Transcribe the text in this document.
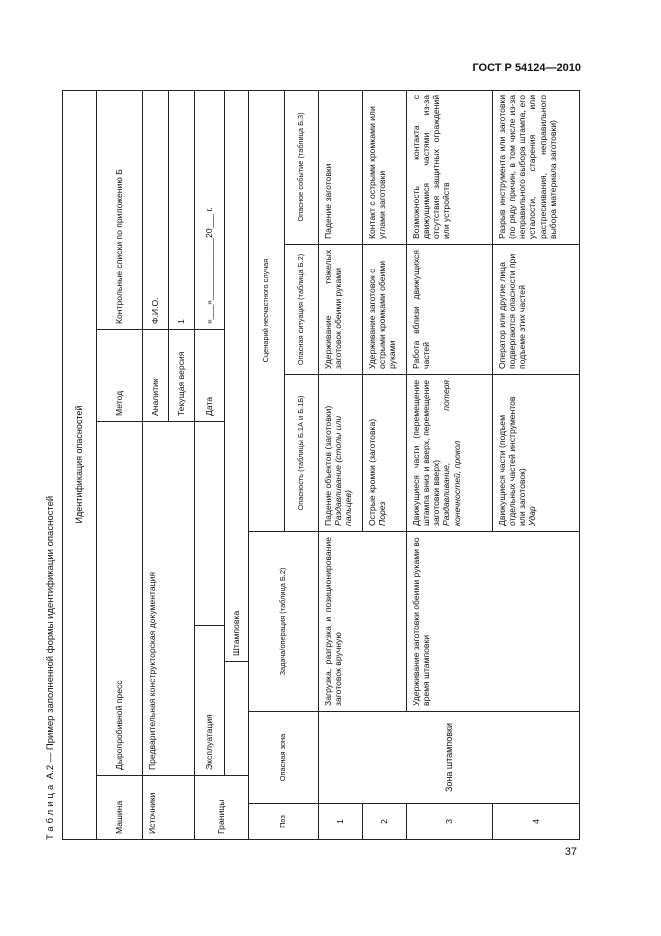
ГОСТ Р 54124—2010
Таблица А.2 — Пример заполненной формы идентификации опасностей
Идентификация опасностей
Машина
Дыропробивной пресс
Метод
Контрольные списки по приложению Б
Источники
Предварительная конструкторская документация
Аналитик
Ф.И.О.
Текущая версия
1
Границы
Эксплуатация
Дата
«___»_____________20___ г.
Штамповка
Поз
Опасная зона
Задача/операция (таблица Б.2)
Сценарий несчастного случая
Опасность (таблицы Б.1А и Б.1Б)
Опасная ситуация (таблица Б.2)
Опасное событие (таблица Б.3)
1
Зона штамповки
Загрузка, разгрузка и позиционирование заготовок вручную
Падение объектов (заготовки) Раздавливание (стопы или пальцев)
Удерживание тяжелых заготовок обеими руками
Падение заготовки
2
Острые кромки (заготовка) Порез
Удерживание заготовок с острыми кромками обеими руками
Контакт с острыми кромками или углами заготовки
3
Удерживание заготовки обеими руками во время штамповки
Движущиеся части (перемещение штампа вниз и вверх, перемещение заготовки вверх) Раздавливание, потеря конечностей, прокол
Работа вблизи движущихся частей
Возможность контакта с движущимися частями из-за отсутствия защитных ограждений или устройств
4
Движущиеся части (подъем отдельных частей инструментов или заготовок) Удар
Оператор или другие лица подвергаются опасности при подъеме этих частей
Разрыв инструмента или заготовки (по ряду причин, в том числе из-за неправильного выбора штампа, его усталости, старения или растрескивания, неправильного выбора материала заготовки)
37
